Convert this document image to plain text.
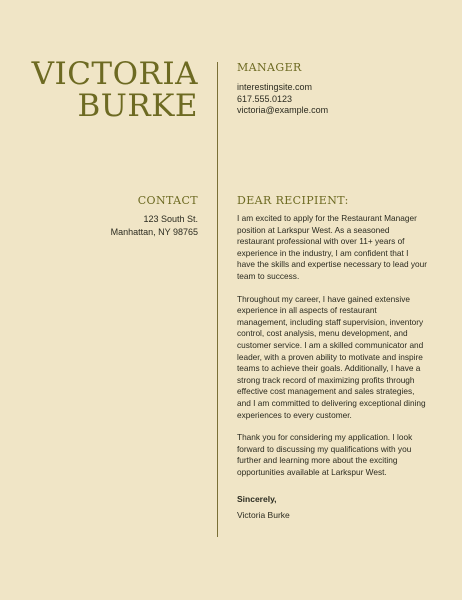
VICTORIA
BURKE
MANAGER
interestingsite.com
617.555.0123
victoria@example.com
CONTACT
123 South St.
Manhattan, NY 98765
DEAR RECIPIENT:

I am excited to apply for the Restaurant Manager position at Larkspur West. As a seasoned restaurant professional with over 11+ years of experience in the industry, I am confident that I have the skills and expertise necessary to lead your team to success.

Throughout my career, I have gained extensive experience in all aspects of restaurant management, including staff supervision, inventory control, cost analysis, menu development, and customer service. I am a skilled communicator and leader, with a proven ability to motivate and inspire teams to achieve their goals. Additionally, I have a strong track record of maximizing profits through effective cost management and sales strategies, and I am committed to delivering exceptional dining experiences to every customer.

Thank you for considering my application. I look forward to discussing my qualifications with you further and learning more about the exciting opportunities available at Larkspur West.

Sincerely,
Victoria Burke
